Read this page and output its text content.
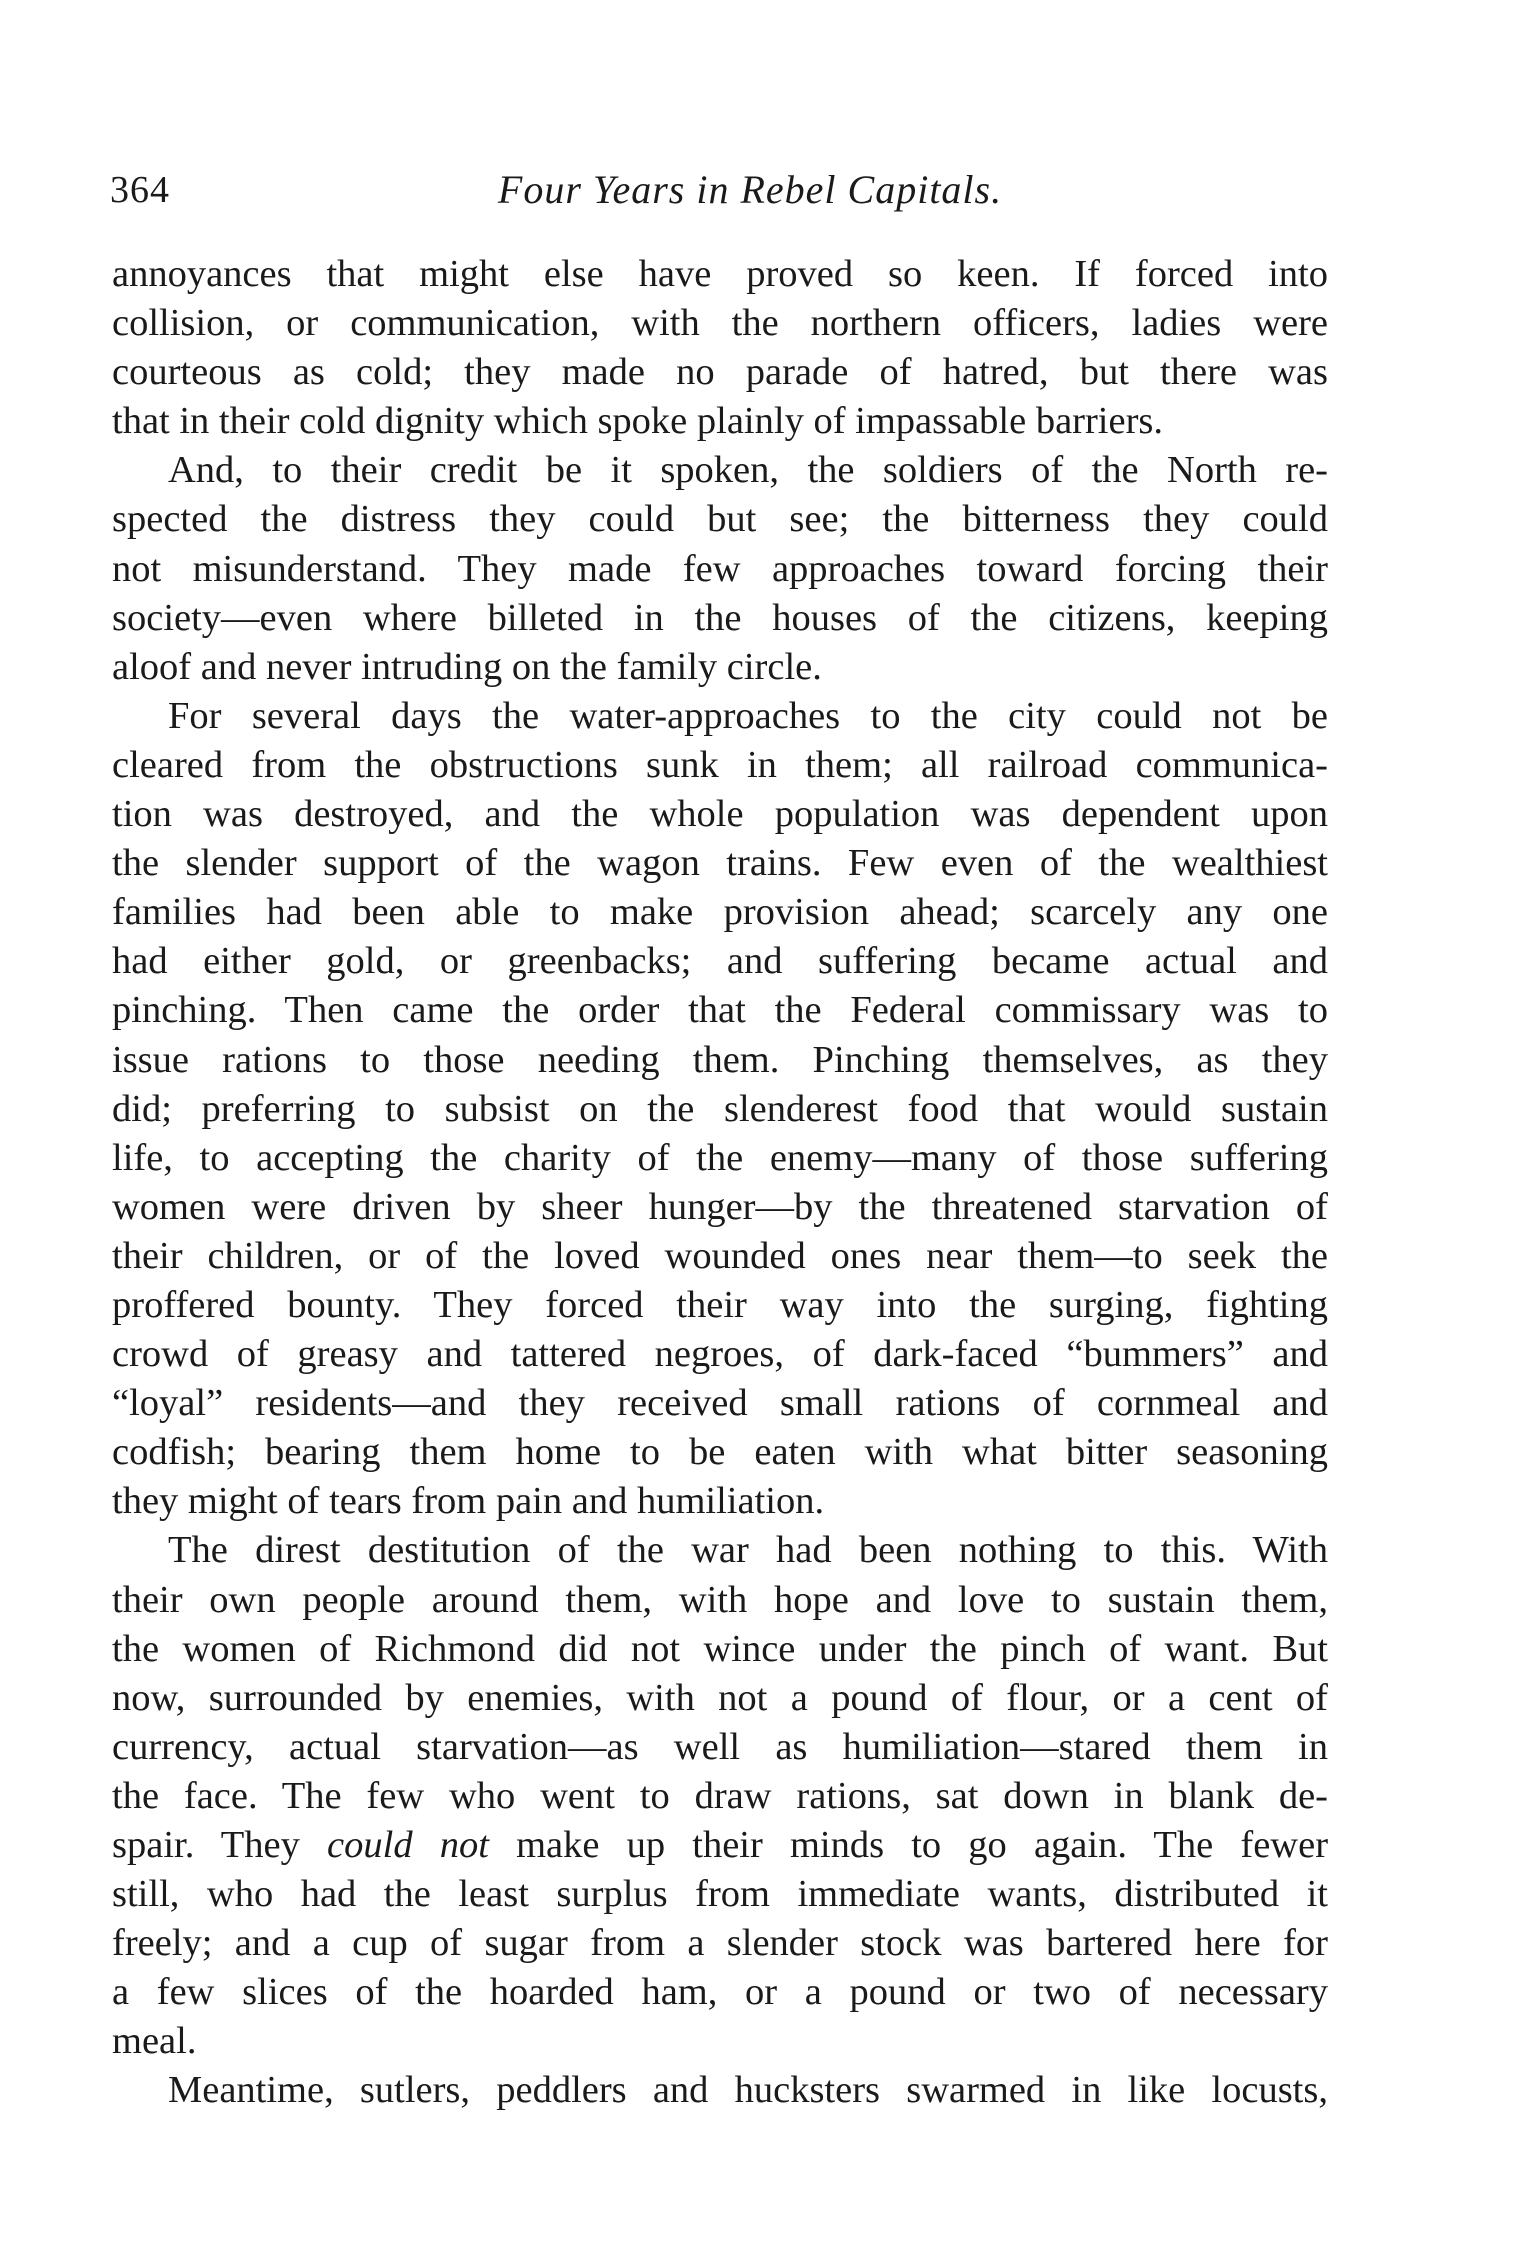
364	Four Years in Rebel Capitals.
annoyances that might else have proved so keen. If forced into
collision, or communication, with the northern officers, ladies were
courteous as cold; they made no parade of hatred, but there was
that in their cold dignity which spoke plainly of impassable barriers.
And, to their credit be it spoken, the soldiers of the North re-
spected the distress they could but see; the bitterness they could
not misunderstand. They made few approaches toward forcing their
society—even where billeted in the houses of the citizens, keeping
aloof and never intruding on the family circle.
For several days the water-approaches to the city could not be
cleared from the obstructions sunk in them; all railroad communica-
tion was destroyed, and the whole population was dependent upon
the slender support of the wagon trains. Few even of the wealthiest
families had been able to make provision ahead; scarcely any one
had either gold, or greenbacks; and suffering became actual and
pinching. Then came the order that the Federal commissary was to
issue rations to those needing them. Pinching themselves, as they
did; preferring to subsist on the slenderest food that would sustain
life, to accepting the charity of the enemy—many of those suffering
women were driven by sheer hunger—by the threatened starvation of
their children, or of the loved wounded ones near them—to seek the
proffered bounty. They forced their way into the surging, fighting
crowd of greasy and tattered negroes, of dark-faced “bummers” and
“loyal” residents—and they received small rations of cornmeal and
codfish; bearing them home to be eaten with what bitter seasoning
they might of tears from pain and humiliation.
The direst destitution of the war had been nothing to this. With
their own people around them, with hope and love to sustain them,
the women of Richmond did not wince under the pinch of want. But
now, surrounded by enemies, with not a pound of flour, or a cent of
currency, actual starvation—as well as humiliation—stared them in
the face. The few who went to draw rations, sat down in blank de-
spair. They could not make up their minds to go again. The fewer
still, who had the least surplus from immediate wants, distributed it
freely; and a cup of sugar from a slender stock was bartered here for
a few slices of the hoarded ham, or a pound or two of necessary
meal.
Meantime, sutlers, peddlers and hucksters swarmed in like locusts,
